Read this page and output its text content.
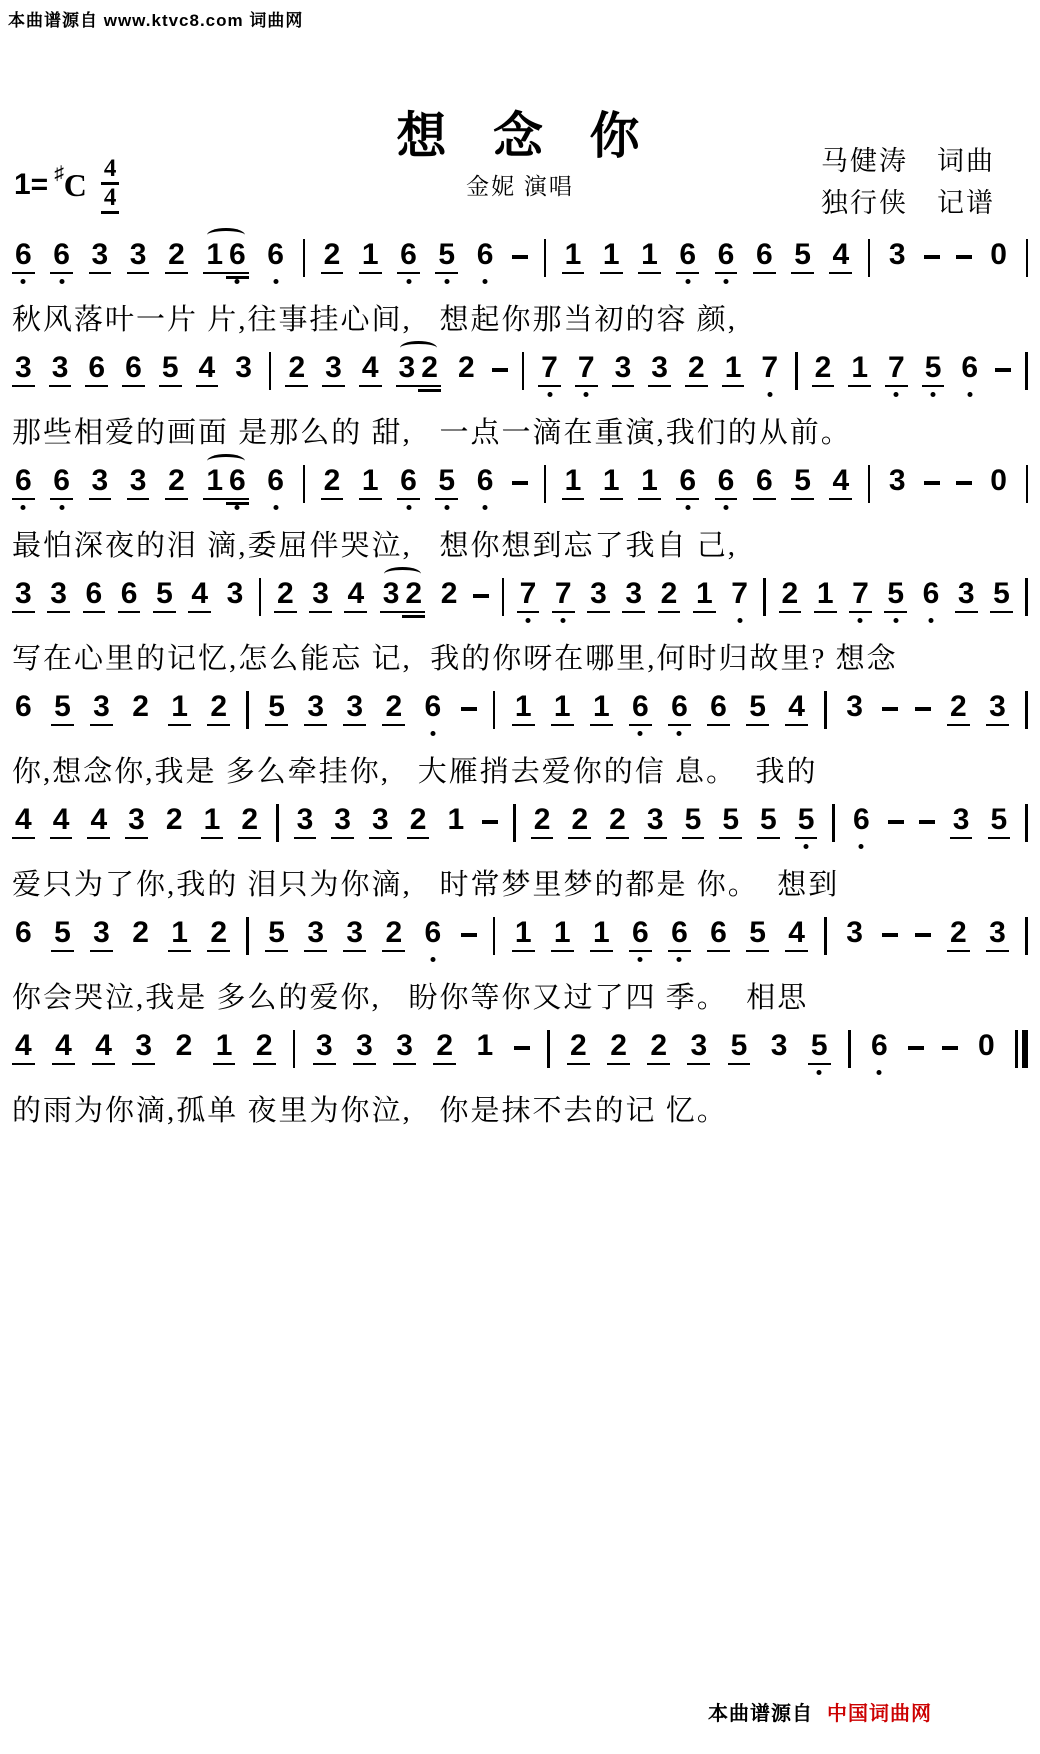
本曲谱源自 www.ktvc8.com 词曲网
想 念 你
金妮 演唱
马健涛　词曲
独行侠　记谱
1= ♯ C 4
4
6 6 3 3 2 1 6 6 2 1 6 5 6 1 1 1 6 6 6 5 4 3	0
秋风落叶一片 片,往事挂心间,   想起你那当初的容 颜,
3 3 6 6 5 4 3 2 3 4 3 2 2 7 7 3 3 2 1 7 2 1 7 5 6
那些相爱的画面 是那么的 甜,   一点一滴在重演,我们的从前。
6 6 3 3 2 1 6 6 2 1 6 5 6 1 1 1 6 6 6 5 4 3	0
最怕深夜的泪 滴,委屈伴哭泣,   想你想到忘了我自 己,
3 3 6 6 5 4 3 2 3 4 3 2 2 7 7 3 3 2 1 7 2 1 7 5 6 3 5
写在心里的记忆,怎么能忘 记,  我的你呀在哪里,何时归故里? 想念
6 5 3 2 1 2 5 3 3 2 6 1 1 1 6 6 6 5 4 3	2 3
你,想念你,我是 多么牵挂你,   大雁捎去爱你的信 息。  我的
4 4 4 3 2 1 2 3 3 3 2 1 2 2 2 3 5 5 5 5 6	3 5
爱只为了你,我的 泪只为你滴,   时常梦里梦的都是 你。  想到
6 5 3 2 1 2 5 3 3 2 6 1 1 1 6 6 6 5 4 3	2 3
你会哭泣,我是 多么的爱你,   盼你等你又过了四 季。  相思
4 4 4 3 2 1 2 3 3 3 2 1	2 2 2 3 5 3 5 6	0
的雨为你滴,孤单 夜里为你泣,   你是抹不去的记 忆。
本曲谱源自 中国词曲网
